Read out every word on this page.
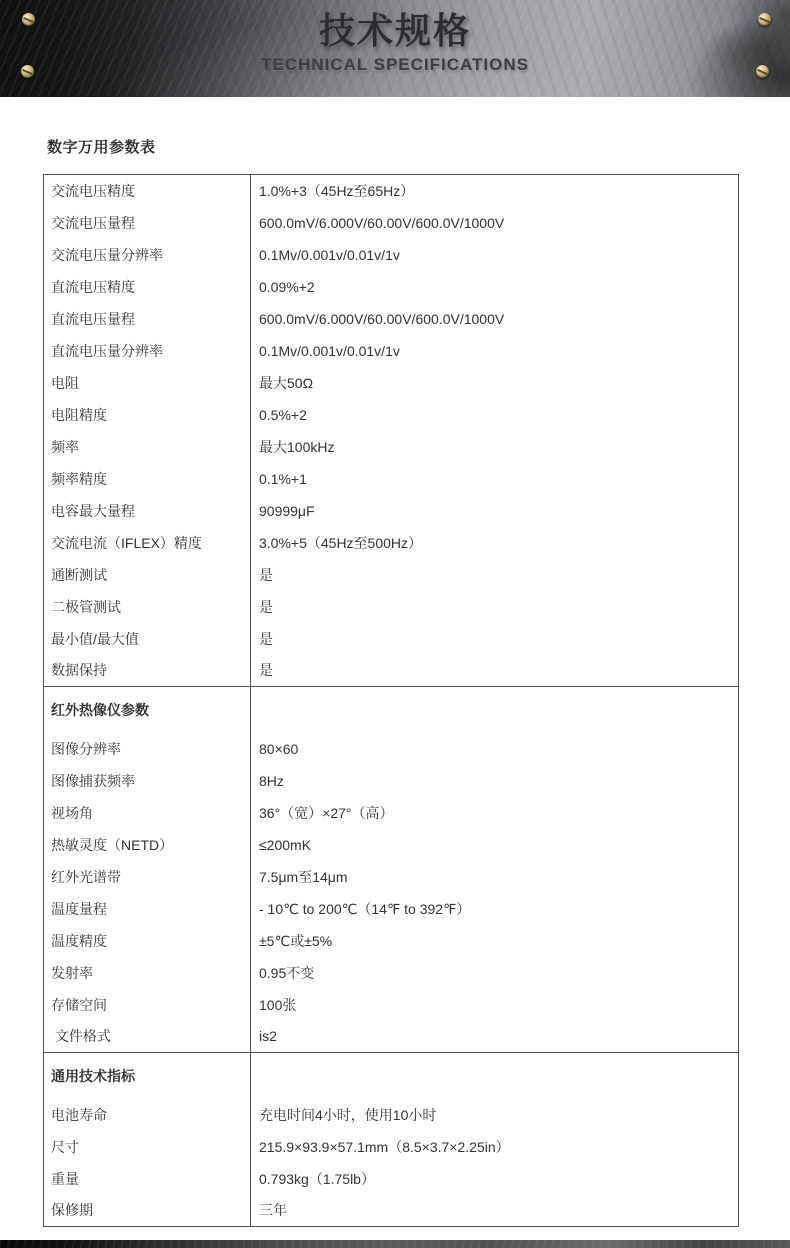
技术规格
TECHNICAL SPECIFICATIONS
数字万用参数表
交流电压精度	1.0%+3（45Hz至65Hz）
交流电压量程	600.0mV/6.000V/60.00V/600.0V/1000V
交流电压量分辨率	0.1Mv/0.001v/0.01v/1v
直流电压精度	0.09%+2
直流电压量程	600.0mV/6.000V/60.00V/600.0V/1000V
直流电压量分辨率	0.1Mv/0.001v/0.01v/1v
电阻	最大50Ω
电阻精度	0.5%+2
频率	最大100kHz
频率精度	0.1%+1
电容最大量程	90999μF
交流电流（IFLEX）精度	3.0%+5（45Hz至500Hz）
通断测试	是
二极管测试	是
最小值/最大值	是
数据保持	是
红外热像仪参数	
图像分辨率	80×60
图像捕获频率	8Hz
视场角	36°（宽）×27°（高）
热敏灵度（NETD）	≤200mK
红外光谱带	7.5μm至14μm
温度量程	- 10℃ to 200℃（14℉ to 392℉）
温度精度	±5℃或±5%
发射率	0.95不变
存储空间	100张
文件格式	is2
通用技术指标	
电池寿命	充电时间4小时，使用10小时
尺寸	215.9×93.9×57.1mm（8.5×3.7×2.25in）
重量	0.793kg（1.75lb）
保修期	三年
